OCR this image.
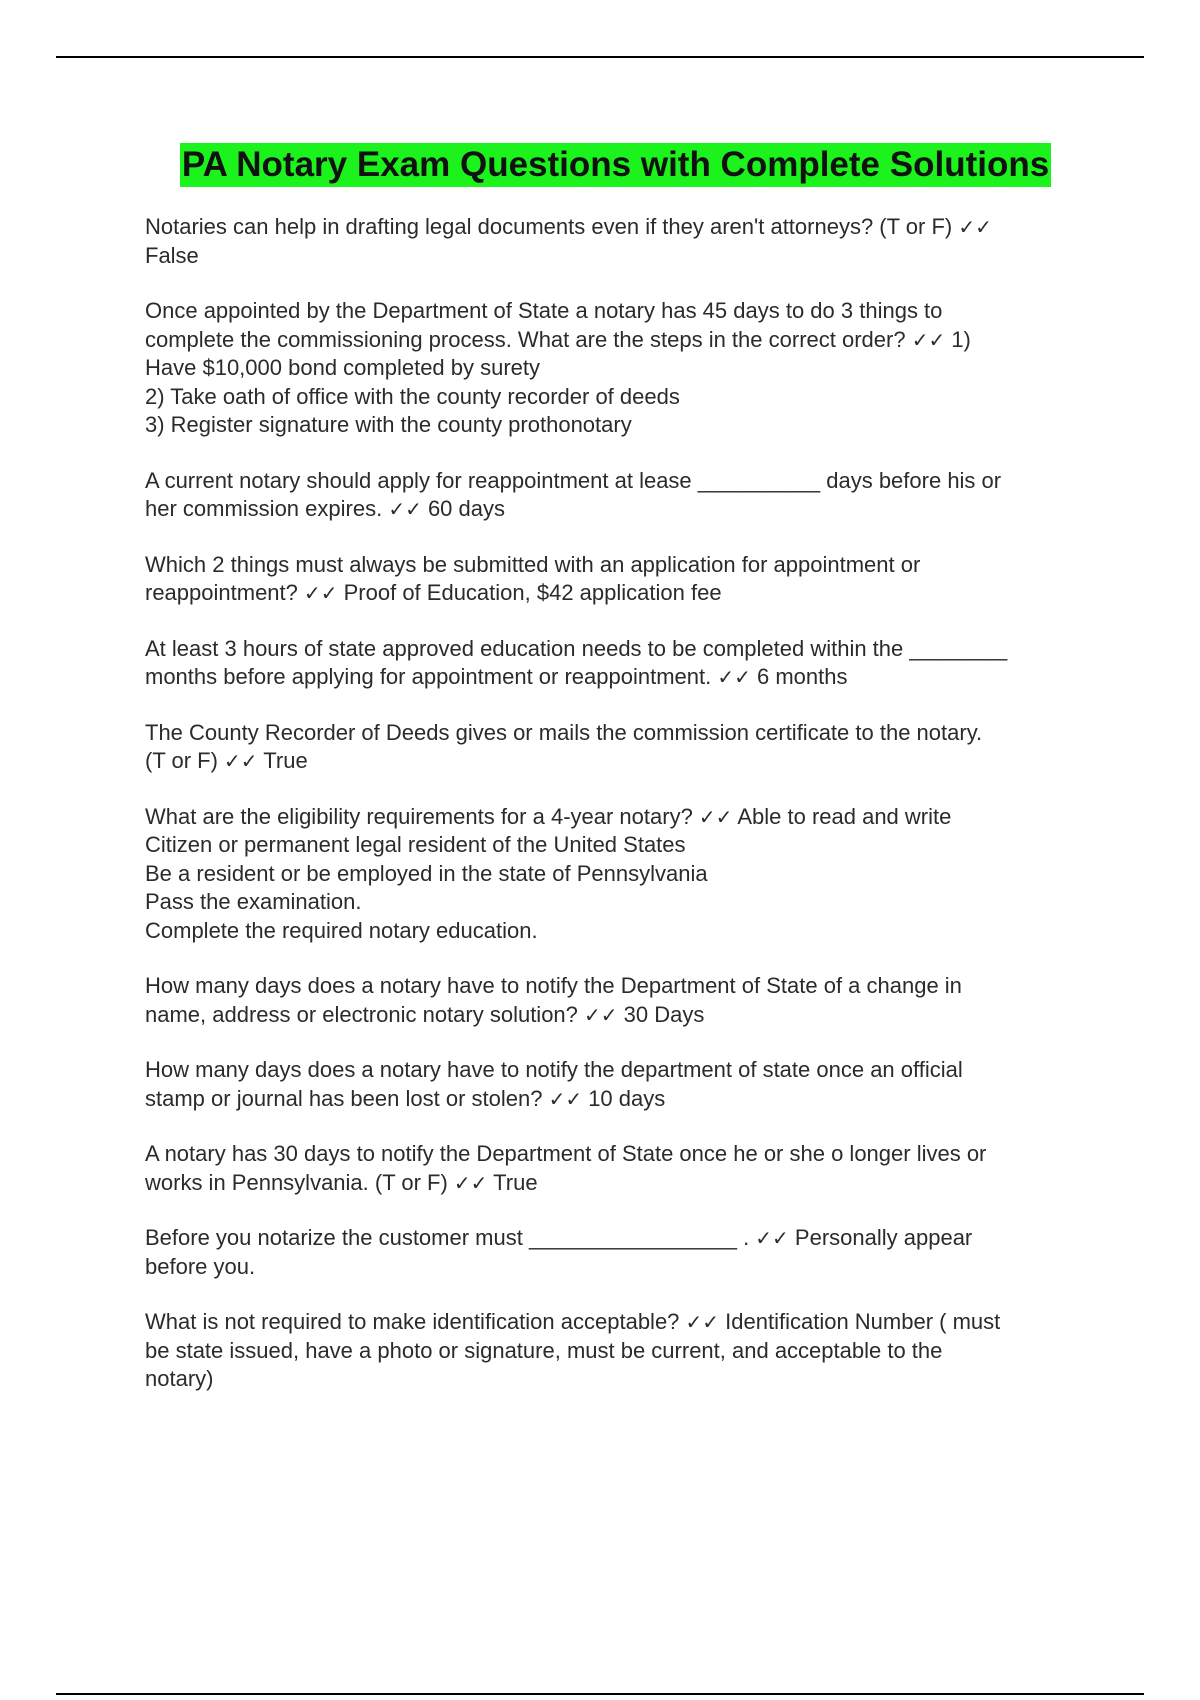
PA Notary Exam Questions with Complete Solutions
Notaries can help in drafting legal documents even if they aren't attorneys? (T or F) ✓✓
False
Once appointed by the Department of State a notary has 45 days to do 3 things to
complete the commissioning process. What are the steps in the correct order? ✓✓ 1)
Have $10,000 bond completed by surety
2) Take oath of office with the county recorder of deeds
3) Register signature with the county prothonotary
A current notary should apply for reappointment at lease __________ days before his or
her commission expires. ✓✓ 60 days
Which 2 things must always be submitted with an application for appointment or
reappointment? ✓✓ Proof of Education, $42 application fee
At least 3 hours of state approved education needs to be completed within the ________
months before applying for appointment or reappointment. ✓✓ 6 months
The County Recorder of Deeds gives or mails the commission certificate to the notary.
(T or F) ✓✓ True
What are the eligibility requirements for a 4-year notary? ✓✓ Able to read and write
Citizen or permanent legal resident of the United States
Be a resident or be employed in the state of Pennsylvania
Pass the examination.
Complete the required notary education.
How many days does a notary have to notify the Department of State of a change in
name, address or electronic notary solution? ✓✓ 30 Days
How many days does a notary have to notify the department of state once an official
stamp or journal has been lost or stolen? ✓✓ 10 days
A notary has 30 days to notify the Department of State once he or she o longer lives or
works in Pennsylvania. (T or F) ✓✓ True
Before you notarize the customer must _________________ . ✓✓ Personally appear
before you.
What is not required to make identification acceptable? ✓✓ Identification Number ( must
be state issued, have a photo or signature, must be current, and acceptable to the
notary)
